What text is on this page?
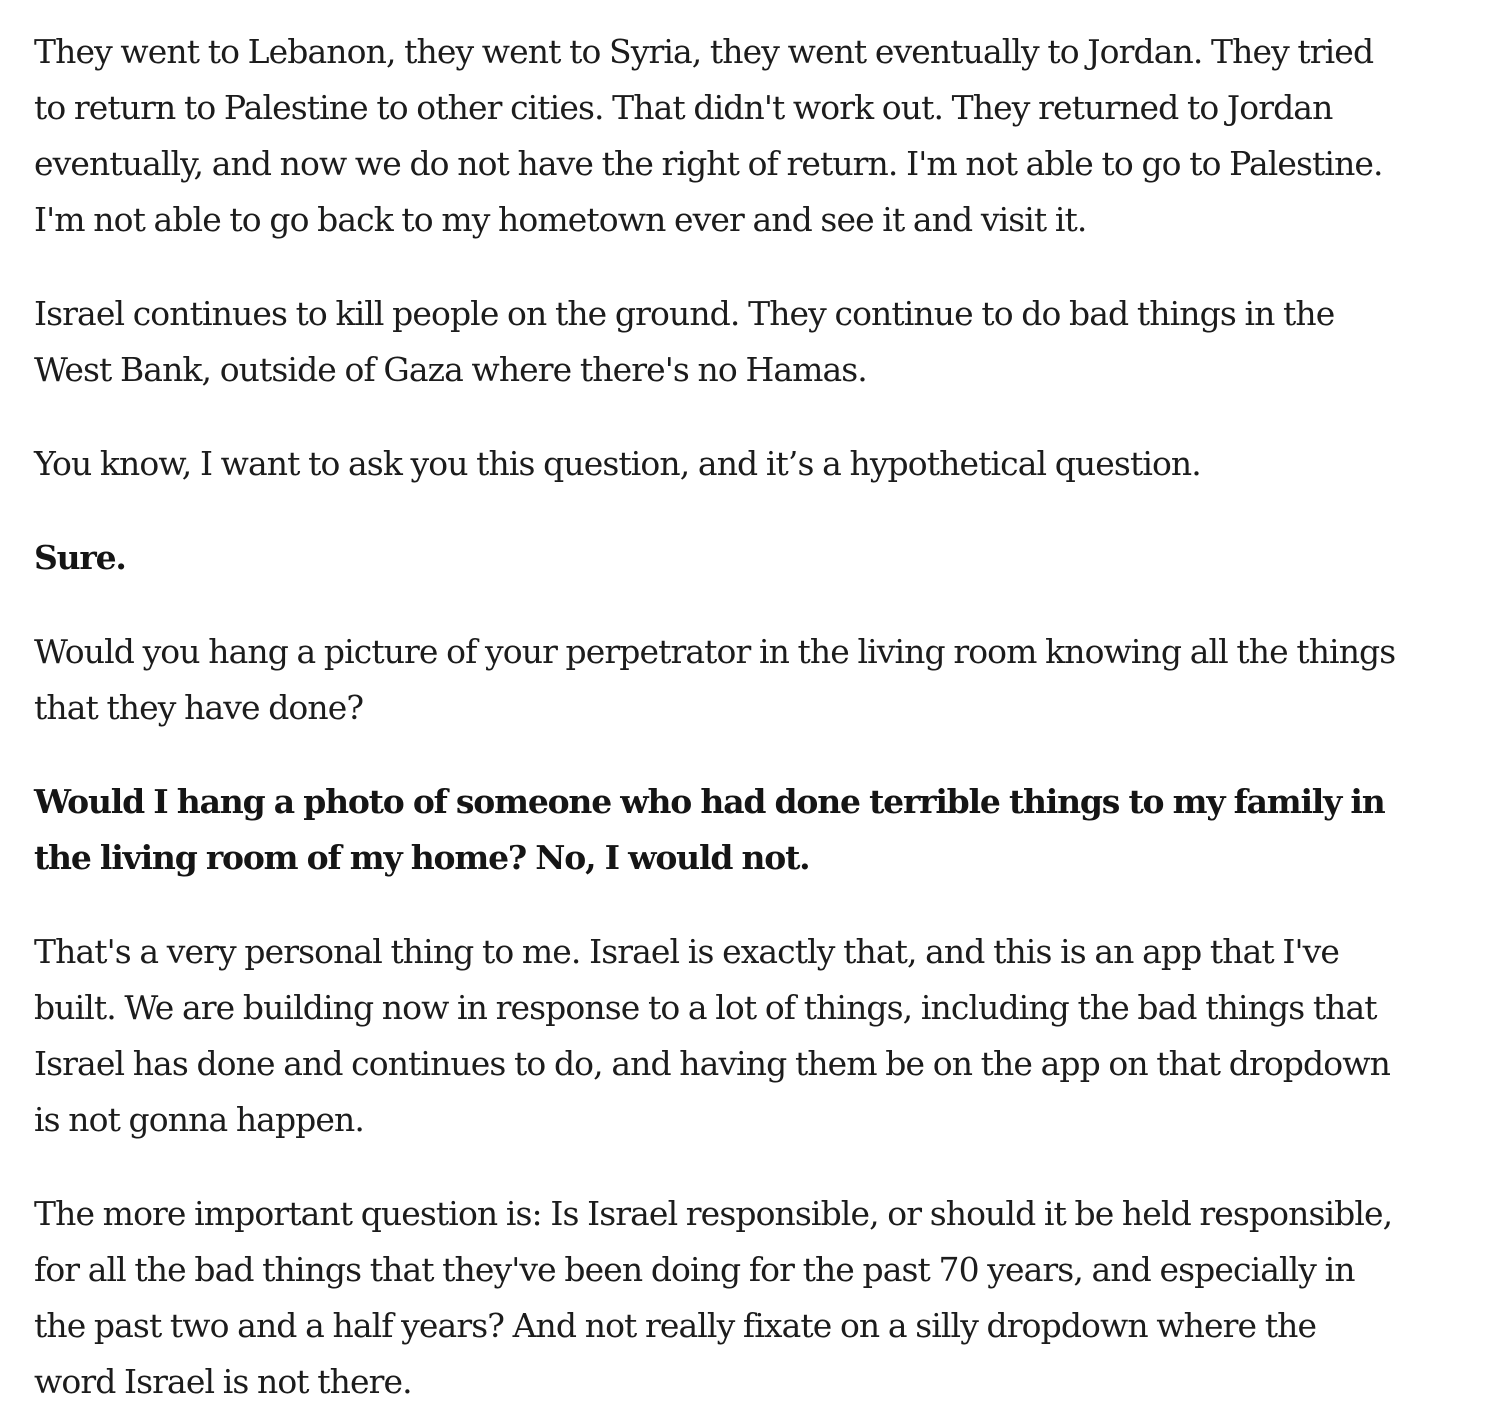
They went to Lebanon, they went to Syria, they went eventually to Jordan. They tried to return to Palestine to other cities. That didn't work out. They returned to Jordan eventually, and now we do not have the right of return. I'm not able to go to Palestine. I'm not able to go back to my hometown ever and see it and visit it.

Israel continues to kill people on the ground. They continue to do bad things in the West Bank, outside of Gaza where there's no Hamas.

You know, I want to ask you this question, and it’s a hypothetical question.

Sure.

Would you hang a picture of your perpetrator in the living room knowing all the things that they have done?

Would I hang a photo of someone who had done terrible things to my family in the living room of my home? No, I would not.

That's a very personal thing to me. Israel is exactly that, and this is an app that I've built. We are building now in response to a lot of things, including the bad things that Israel has done and continues to do, and having them be on the app on that dropdown is not gonna happen.

The more important question is: Is Israel responsible, or should it be held responsible, for all the bad things that they've been doing for the past 70 years, and especially in the past two and a half years? And not really fixate on a silly dropdown where the word Israel is not there.
